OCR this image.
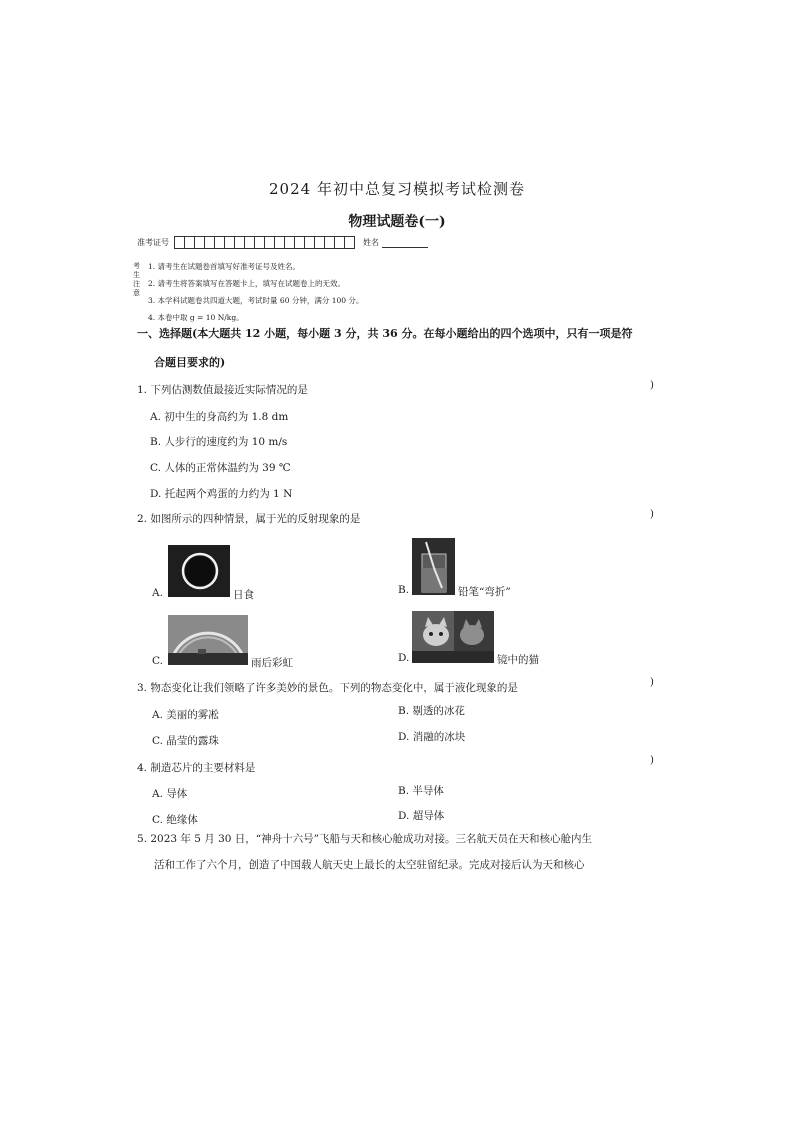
2024 年初中总复习模拟考试检测卷
物理试题卷(一)
准考证号	姓名
考生注意
1. 请考生在试题卷首填写好准考证号及姓名。
2. 请考生将答案填写在答题卡上，填写在试题卷上的无效。
3. 本学科试题卷共四道大题，考试时量 60 分钟，满分 100 分。
4. 本卷中取 g = 10 N/kg。
一、选择题(本大题共 12 小题，每小题 3 分，共 36 分。在每小题给出的四个选项中，只有一项是符
合题目要求的)
1. 下列估测数值最接近实际情况的是	)
A. 初中生的身高约为 1.8 dm
B. 人步行的速度约为 10 m/s
C. 人体的正常体温约为 39 ℃
D. 托起两个鸡蛋的力约为 1 N
2. 如图所示的四种情景，属于光的反射现象的是	)
A.	日食	B.	铅笔“弯折”
C.	雨后彩虹	D.	镜中的猫
3. 物态变化让我们领略了许多美妙的景色。下列的物态变化中，属于液化现象的是	)
A. 美丽的雾凇	B. 剔透的冰花
C. 晶莹的露珠	D. 消融的冰块
4. 制造芯片的主要材料是
)
A. 导体	B. 半导体
C. 绝缘体	D. 超导体
5. 2023 年 5 月 30 日，“神舟十六号”飞船与天和核心舱成功对接。三名航天员在天和核心舱内生
活和工作了六个月，创造了中国载人航天史上最长的太空驻留纪录。完成对接后认为天和核心
